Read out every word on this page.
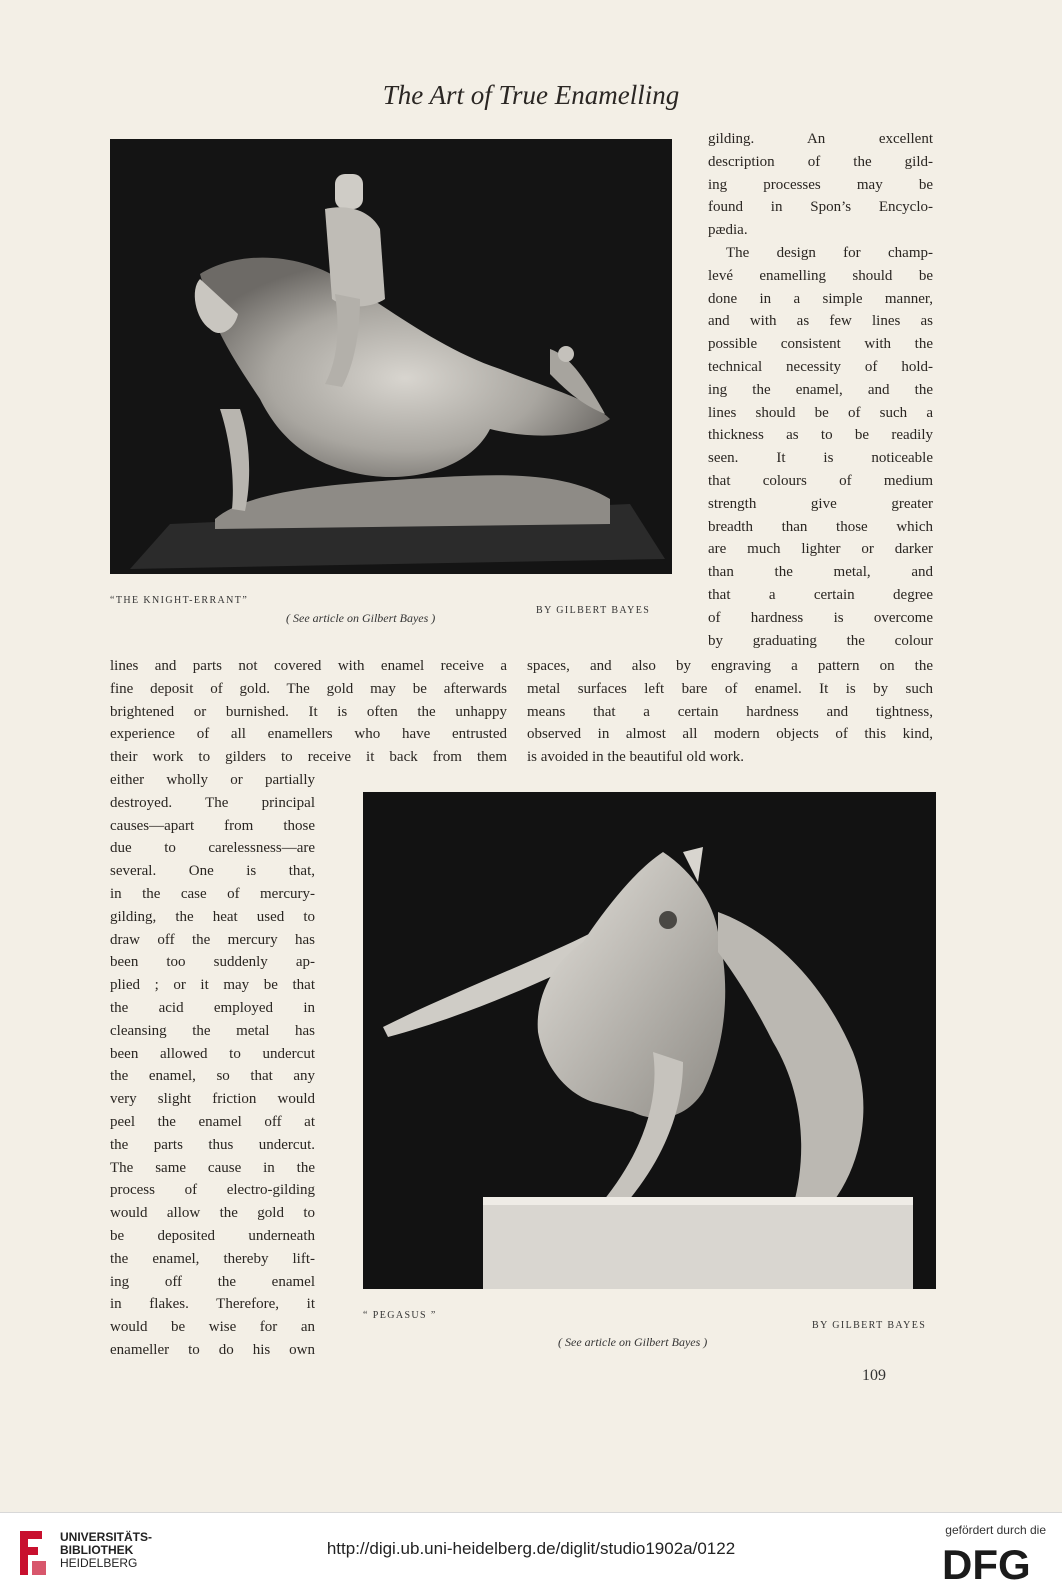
The Art of True Enamelling
“THE KNIGHT-ERRANT”
BY GILBERT BAYES
( See article on Gilbert Bayes )
gilding. An excellent
description of the gild-
ing processes may be
found in Spon’s Encyclo-
pædia.
The design for champ-
levé enamelling should be
done in a simple manner,
and with as few lines as
possible consistent with the
technical necessity of hold-
ing the enamel, and the
lines should be of such a
thickness as to be readily
seen. It is noticeable
that colours of medium
strength give greater
breadth than those which
are much lighter or darker
than the metal, and
that a certain degree
of hardness is overcome
by graduating the colour
lines and parts not covered with enamel receive a
fine deposit of gold. The gold may be afterwards
brightened or burnished. It is often the unhappy
experience of all enamellers who have entrusted
their work to gilders to receive it back from them
spaces, and also by engraving a pattern on the
metal surfaces left bare of enamel. It is by such
means that a certain hardness and tightness,
observed in almost all modern objects of this kind,
is avoided in the beautiful old work.
either wholly or partially
destroyed. The principal
causes—apart from those
due to carelessness—are
several. One is that,
in the case of mercury-
gilding, the heat used to
draw off the mercury has
been too suddenly ap-
plied ; or it may be that
the acid employed in
cleansing the metal has
been allowed to undercut
the enamel, so that any
very slight friction would
peel the enamel off at
the parts thus undercut.
The same cause in the
process of electro-gilding
would allow the gold to
be deposited underneath
the enamel, thereby lift-
ing off the enamel
in flakes. Therefore, it
would be wise for an
enameller to do his own
“ PEGASUS ”
BY GILBERT BAYES
( See article on Gilbert Bayes )
109
UNIVERSITÄTS-
BIBLIOTHEK
HEIDELBERG
http://digi.ub.uni-heidelberg.de/diglit/studio1902a/0122
gefördert durch die
DFG
